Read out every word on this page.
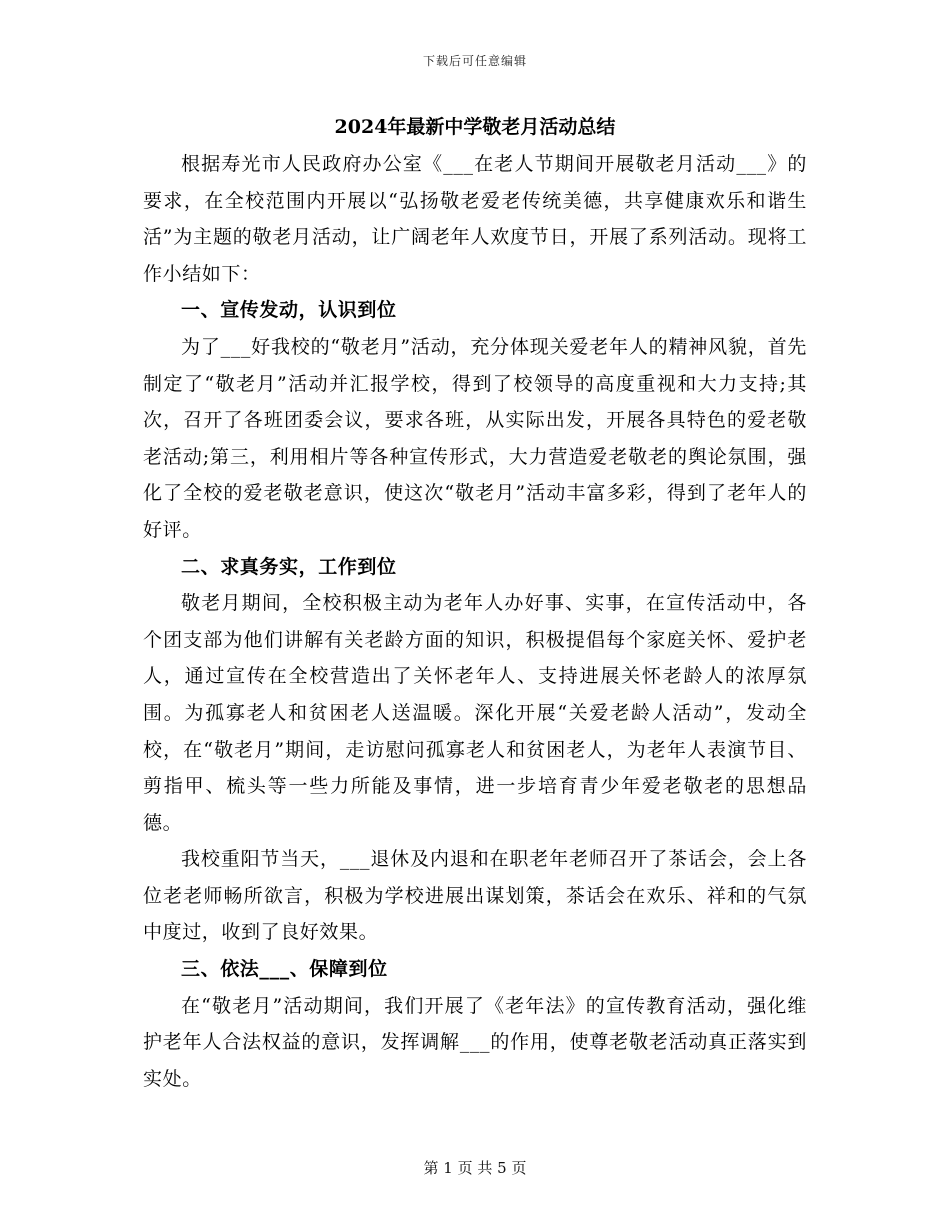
下载后可任意编辑
2024年最新中学敬老月活动总结

根据寿光市人民政府办公室《___在老人节期间开展敬老月活动___》的要求，在全校范围内开展以“弘扬敬老爱老传统美德，共享健康欢乐和谐生活”为主题的敬老月活动，让广阔老年人欢度节日，开展了系列活动。现将工作小结如下：

一、宣传发动，认识到位

为了___好我校的“敬老月”活动，充分体现关爱老年人的精神风貌，首先制定了“敬老月”活动并汇报学校，得到了校领导的高度重视和大力支持;其次，召开了各班团委会议，要求各班，从实际出发，开展各具特色的爱老敬老活动;第三，利用相片等各种宣传形式，大力营造爱老敬老的舆论氛围，强化了全校的爱老敬老意识，使这次“敬老月”活动丰富多彩，得到了老年人的好评。

二、求真务实，工作到位

敬老月期间，全校积极主动为老年人办好事、实事，在宣传活动中，各个团支部为他们讲解有关老龄方面的知识，积极提倡每个家庭关怀、爱护老人，通过宣传在全校营造出了关怀老年人、支持进展关怀老龄人的浓厚氛围。为孤寡老人和贫困老人送温暖。深化开展“关爱老龄人活动”，发动全校，在“敬老月”期间，走访慰问孤寡老人和贫困老人，为老年人表演节目、剪指甲、梳头等一些力所能及事情，进一步培育青少年爱老敬老的思想品德。

我校重阳节当天，___退休及内退和在职老年老师召开了茶话会，会上各位老老师畅所欲言，积极为学校进展出谋划策，茶话会在欢乐、祥和的气氛中度过，收到了良好效果。

三、依法___、保障到位

在“敬老月”活动期间，我们开展了《老年法》的宣传教育活动，强化维护老年人合法权益的意识，发挥调解___的作用，使尊老敬老活动真正落实到实处。

第 1 页 共 5 页
